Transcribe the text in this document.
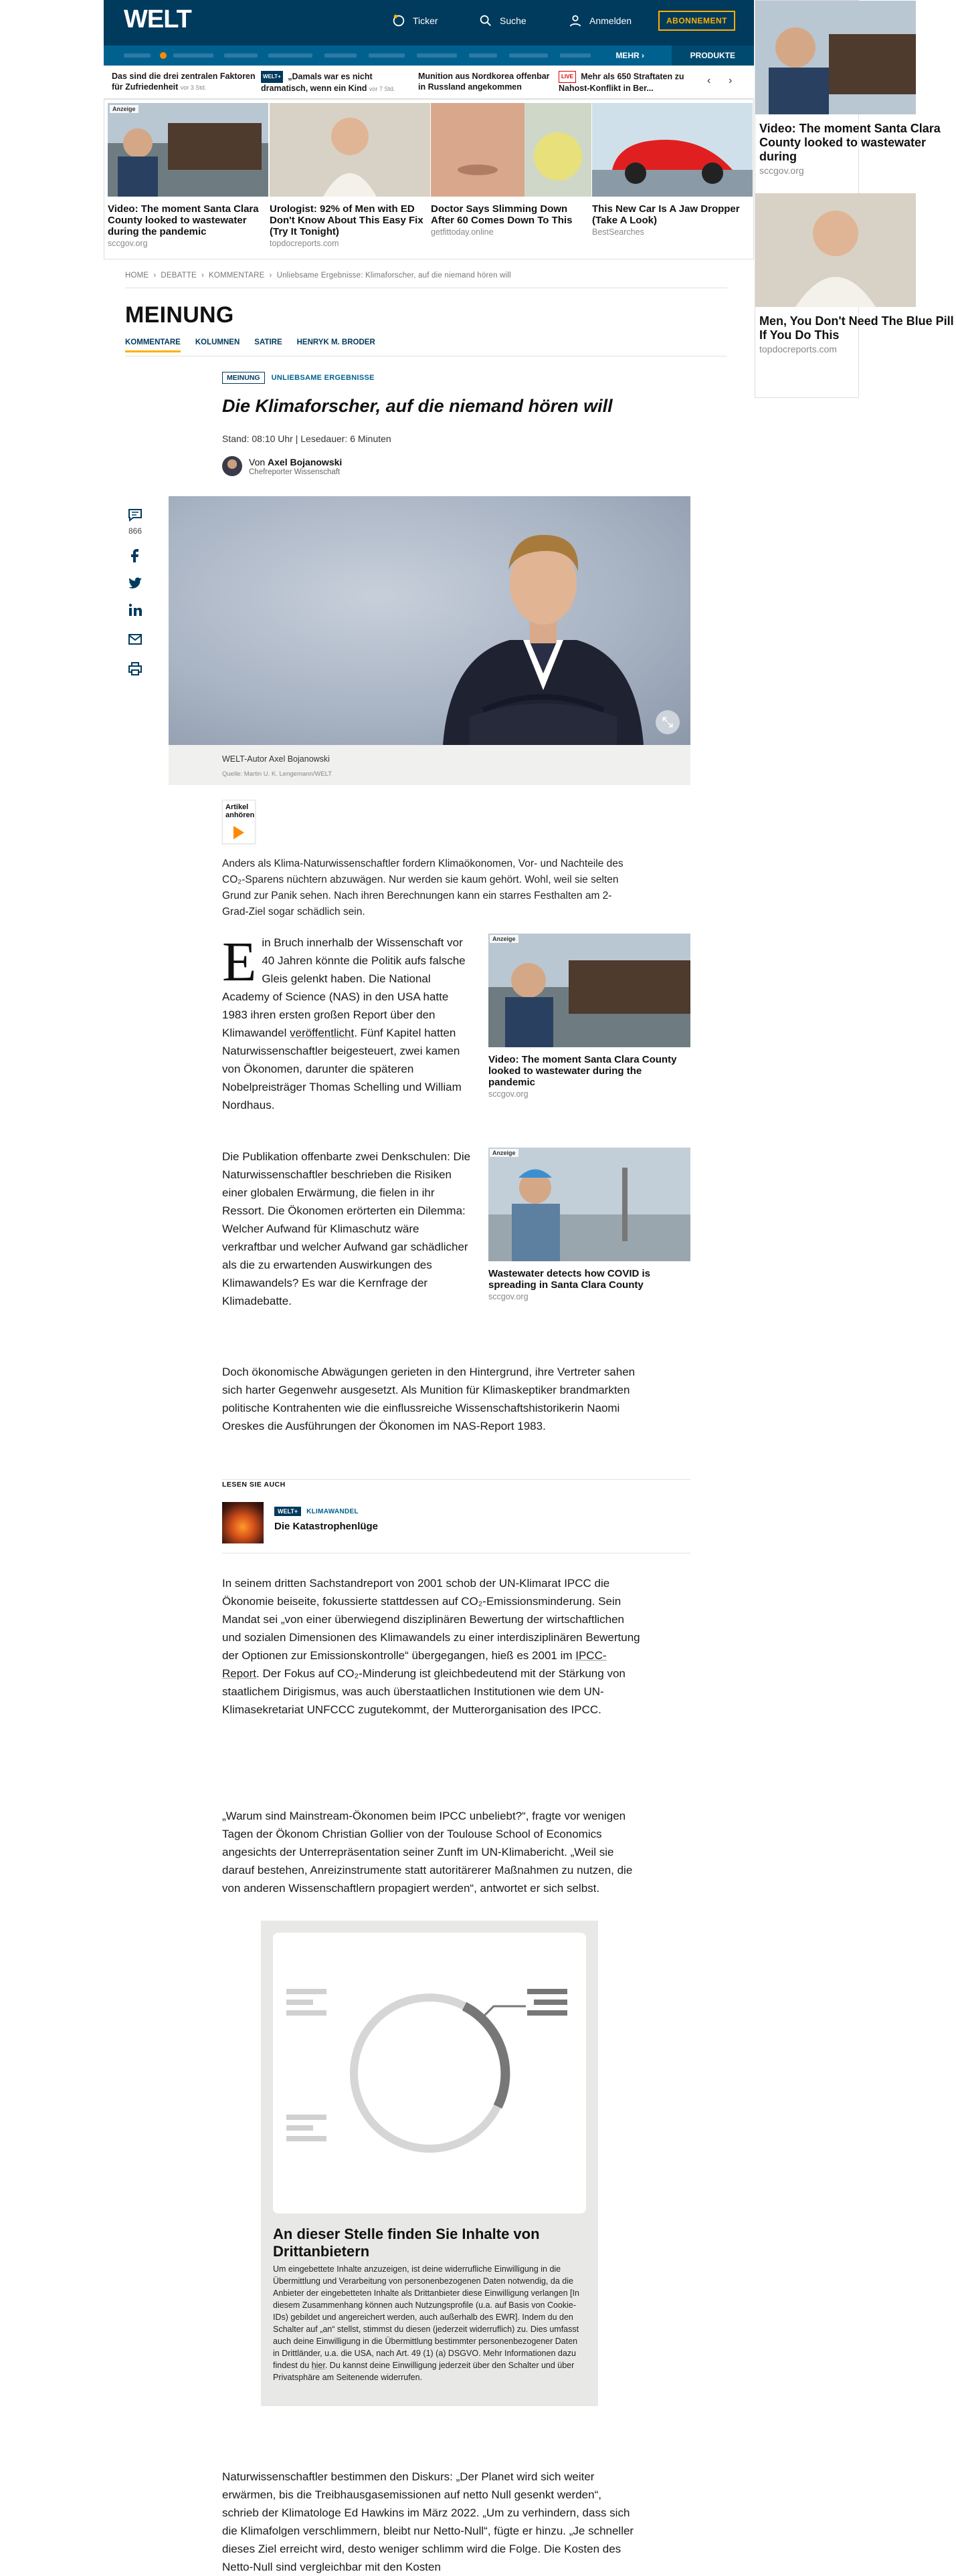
WELT	Ticker	Suche	Anmelden	ABONNEMENT
MEHR ›	PRODUKTE
Das sind die drei zentralen Faktoren für Zufriedenheit vor 3 Std.
WELT+ „Damals war es nicht dramatisch, wenn ein Kind vor 7 Std.
Munition aus Nordkorea offenbar in Russland angekommen
LIVE Mehr als 650 Straftaten zu Nahost-Konflikt in Ber...
‹ ›
Anzeige
Video: The moment Santa Clara County looked to wastewater during the pandemic
sccgov.org
Urologist: 92% of Men with ED Don't Know About This Easy Fix (Try It Tonight)
topdocreports.com
Doctor Says Slimming Down After 60 Comes Down To This
getfittoday.online
This New Car Is A Jaw Dropper (Take A Look)
BestSearches
Video: The moment Santa Clara County looked to wastewater during
sccgov.org
Men, You Don't Need The Blue Pill If You Do This
topdocreports.com
HOME › DEBATTE › KOMMENTARE › Unliebsame Ergebnisse: Klimaforscher, auf die niemand hören will
MEINUNG
KOMMENTARE KOLUMNEN SATIRE HENRYK M. BRODER
MEINUNG	UNLIEBSAME ERGEBNISSE
Die Klimaforscher, auf die niemand hören will
Stand: 08:10 Uhr | Lesedauer: 6 Minuten
Von Axel Bojanowski
Chefreporter Wissenschaft
866
WELT-Autor Axel Bojanowski
Quelle: Martin U. K. Lengemann/WELT
Artikel anhören
Anders als Klima-Naturwissenschaftler fordern Klimaökonomen, Vor- und Nachteile des CO₂-Sparens nüchtern abzuwägen. Nur werden sie kaum gehört. Wohl, weil sie selten Grund zur Panik sehen. Nach ihren Berechnungen kann ein starres Festhalten am 2-Grad-Ziel sogar schädlich sein.
Ein Bruch innerhalb der Wissenschaft vor 40 Jahren könnte die Politik aufs falsche Gleis gelenkt haben. Die National Academy of Science (NAS) in den USA hatte 1983 ihren ersten großen Report über den Klimawandel veröffentlicht. Fünf Kapitel hatten Naturwissenschaftler beigesteuert, zwei kamen von Ökonomen, darunter die späteren Nobelpreisträger Thomas Schelling und William Nordhaus.
Anzeige
Video: The moment Santa Clara County looked to wastewater during the pandemic
sccgov.org
Die Publikation offenbarte zwei Denkschulen: Die Naturwissenschaftler beschrieben die Risiken einer globalen Erwärmung, die fielen in ihr Ressort. Die Ökonomen erörterten ein Dilemma: Welcher Aufwand für Klimaschutz wäre verkraftbar und welcher Aufwand gar schädlicher als die zu erwartenden Auswirkungen des Klimawandels? Es war die Kernfrage der Klimadebatte.
Anzeige
Wastewater detects how COVID is spreading in Santa Clara County
sccgov.org
Doch ökonomische Abwägungen gerieten in den Hintergrund, ihre Vertreter sahen sich harter Gegenwehr ausgesetzt. Als Munition für Klimaskeptiker brandmarkten politische Kontrahenten wie die einflussreiche Wissenschaftshistorikerin Naomi Oreskes die Ausführungen der Ökonomen im NAS-Report 1983.
LESEN SIE AUCH
WELT+ KLIMAWANDEL
Die Katastrophenlüge
In seinem dritten Sachstandreport von 2001 schob der UN-Klimarat IPCC die Ökonomie beiseite, fokussierte stattdessen auf CO₂-Emissionsminderung. Sein Mandat sei „von einer überwiegend disziplinären Bewertung der wirtschaftlichen und sozialen Dimensionen des Klimawandels zu einer interdisziplinären Bewertung der Optionen zur Emissionskontrolle“ übergegangen, hieß es 2001 im IPCC-Report. Der Fokus auf CO₂-Minderung ist gleichbedeutend mit der Stärkung von staatlichem Dirigismus, was auch überstaatlichen Institutionen wie dem UN-Klimasekretariat UNFCCC zugutekommt, der Mutterorganisation des IPCC.
„Warum sind Mainstream-Ökonomen beim IPCC unbeliebt?“, fragte vor wenigen Tagen der Ökonom Christian Gollier von der Toulouse School of Economics angesichts der Unterrepräsentation seiner Zunft im UN-Klimabericht. „Weil sie darauf bestehen, Anreizinstrumente statt autoritärerer Maßnahmen zu nutzen, die von anderen Wissenschaftlern propagiert werden“, antwortet er sich selbst.
An dieser Stelle finden Sie Inhalte von Drittanbietern
Um eingebettete Inhalte anzuzeigen, ist deine widerrufliche Einwilligung in die Übermittlung und Verarbeitung von personenbezogenen Daten notwendig, da die Anbieter der eingebetteten Inhalte als Drittanbieter diese Einwilligung verlangen [In diesem Zusammenhang können auch Nutzungsprofile (u.a. auf Basis von Cookie-IDs) gebildet und angereichert werden, auch außerhalb des EWR]. Indem du den Schalter auf „an“ stellst, stimmst du diesen (jederzeit widerruflich) zu. Dies umfasst auch deine Einwilligung in die Übermittlung bestimmter personenbezogener Daten in Drittländer, u.a. die USA, nach Art. 49 (1) (a) DSGVO. Mehr Informationen dazu findest du hier. Du kannst deine Einwilligung jederzeit über den Schalter und über Privatsphäre am Seitenende widerrufen.
Naturwissenschaftler bestimmen den Diskurs: „Der Planet wird sich weiter erwärmen, bis die Treibhausgasemissionen auf netto Null gesenkt werden“, schrieb der Klimatologe Ed Hawkins im März 2022. „Um zu verhindern, dass sich die Klimafolgen verschlimmern, bleibt nur Netto-Null“, fügte er hinzu. „Je schneller dieses Ziel erreicht wird, desto weniger schlimm wird die Folge. Die Kosten des Netto-Null sind vergleichbar mit den Kosten
